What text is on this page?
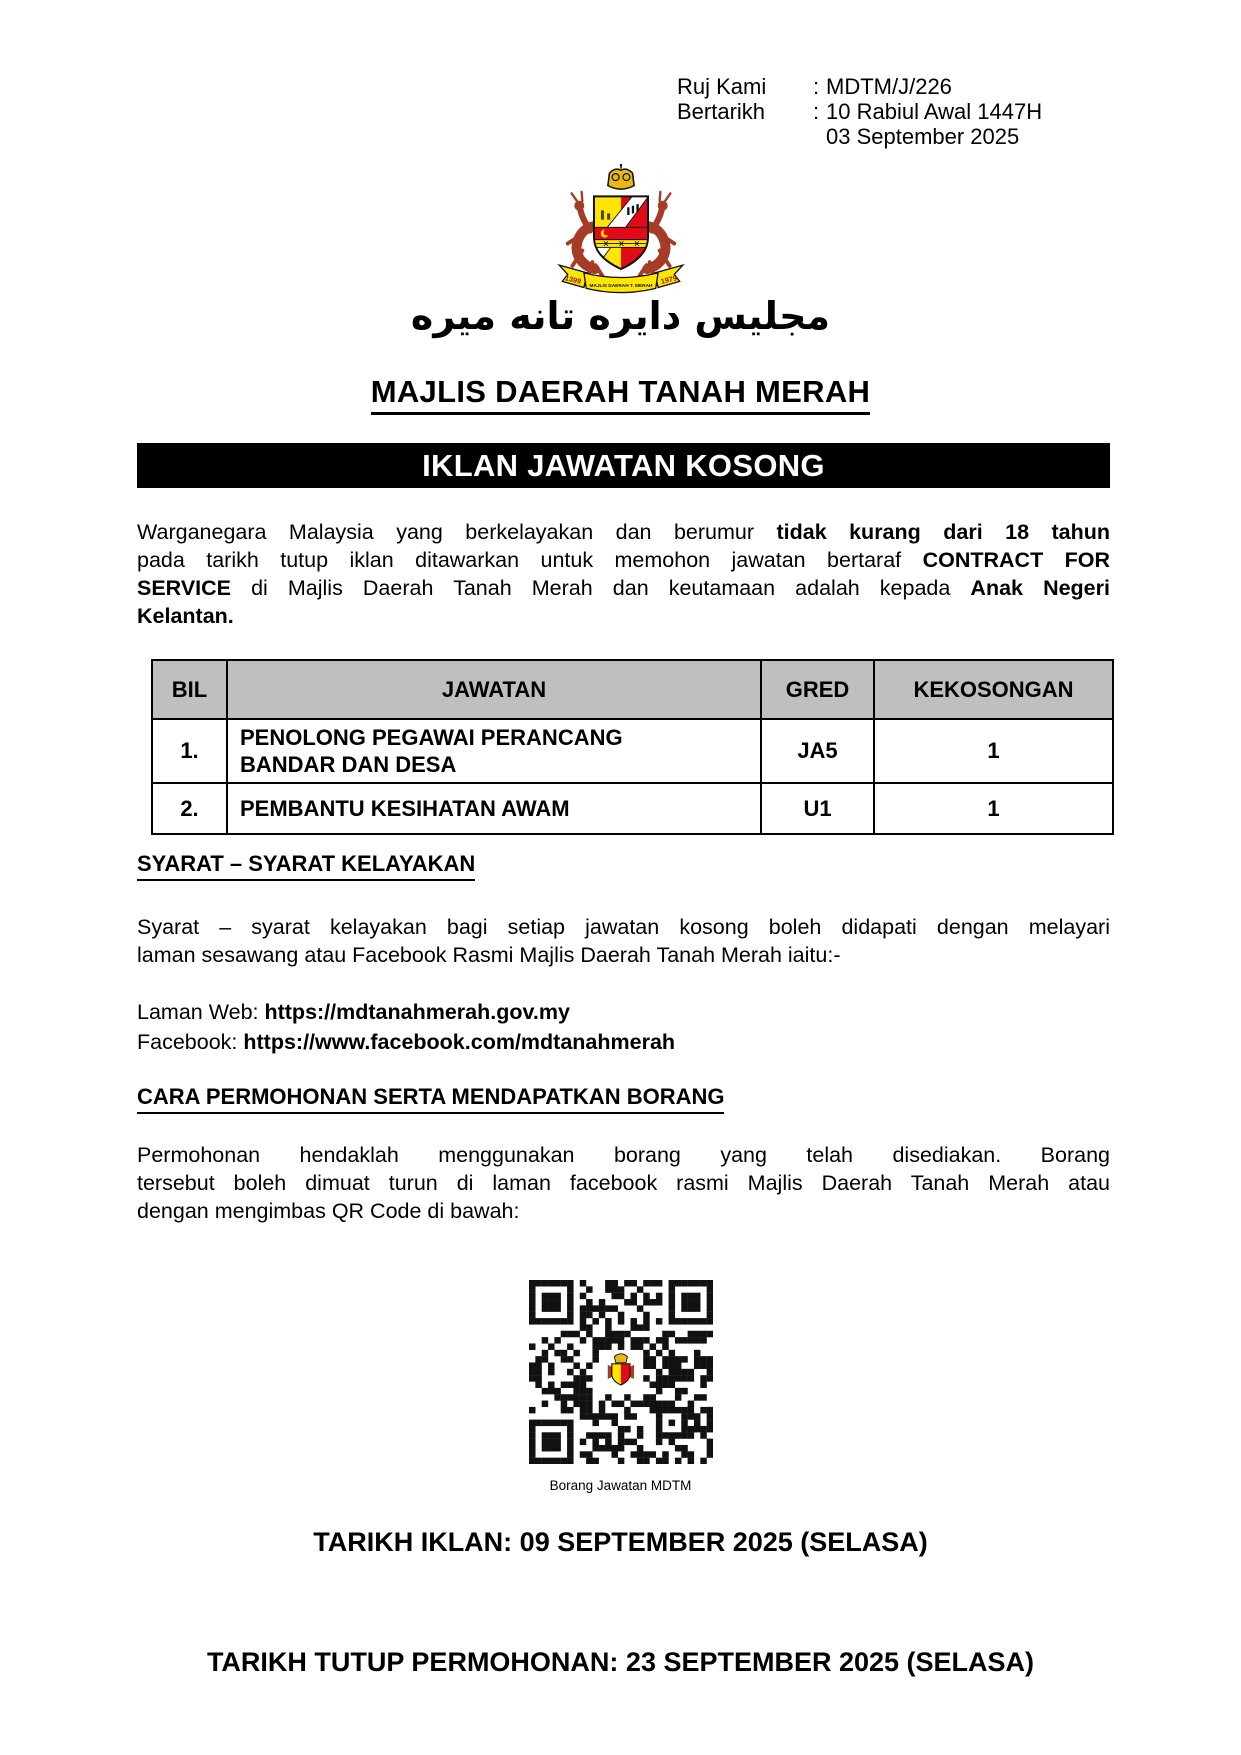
Ruj Kami	: MDTM/J/226
Bertarikh	: 10 Rabiul Awal 1447H
03 September 2025
1399	1979
MAJLIS DAERAH T. MERAH
مجليس دايره تانه ميره
MAJLIS DAERAH TANAH MERAH
IKLAN JAWATAN KOSONG
Warganegara Malaysia yang berkelayakan dan berumur tidak kurang dari 18 tahun
pada tarikh tutup iklan ditawarkan untuk memohon jawatan bertaraf CONTRACT FOR
SERVICE di Majlis Daerah Tanah Merah dan keutamaan adalah kepada Anak Negeri
Kelantan.
BIL	JAWATAN	GRED	KEKOSONGAN
1.	PENOLONG PEGAWAI PERANCANG
BANDAR DAN DESA	JA5	1
2.	PEMBANTU KESIHATAN AWAM	U1	1
SYARAT – SYARAT KELAYAKAN
Syarat – syarat kelayakan bagi setiap jawatan kosong boleh didapati dengan melayari
laman sesawang atau Facebook Rasmi Majlis Daerah Tanah Merah iaitu:-
Laman Web: https://mdtanahmerah.gov.my
Facebook: https://www.facebook.com/mdtanahmerah
CARA PERMOHONAN SERTA MENDAPATKAN BORANG
Permohonan hendaklah menggunakan borang yang telah disediakan. Borang
tersebut boleh dimuat turun di laman facebook rasmi Majlis Daerah Tanah Merah atau
dengan mengimbas QR Code di bawah:
Borang Jawatan MDTM
TARIKH IKLAN: 09 SEPTEMBER 2025 (SELASA)
TARIKH TUTUP PERMOHONAN: 23 SEPTEMBER 2025 (SELASA)
